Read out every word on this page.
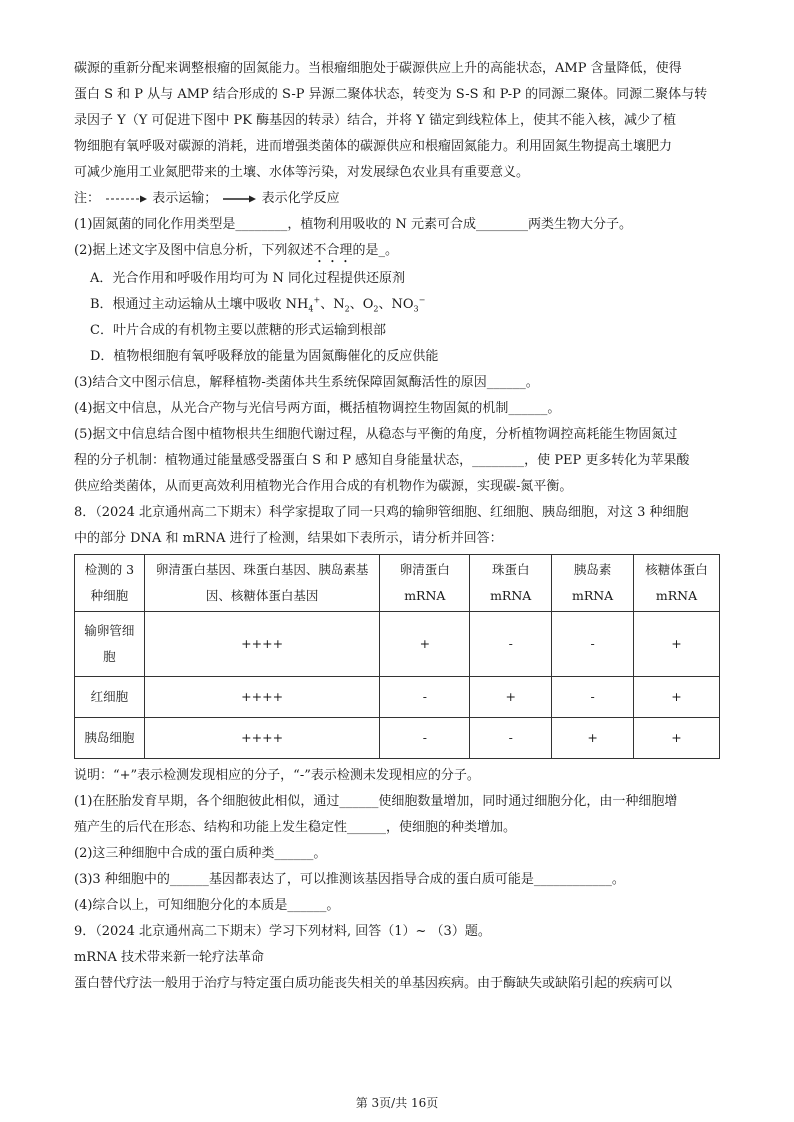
碳源的重新分配来调整根瘤的固氮能力。当根瘤细胞处于碳源供应上升的高能状态，AMP 含量降低，使得

蛋白 S 和 P 从与 AMP 结合形成的 S-P 异源二聚体状态，转变为 S-S 和 P-P 的同源二聚体。同源二聚体与转

录因子 Y（Y 可促进下图中 PK 酶基因的转录）结合，并将 Y 锚定到线粒体上，使其不能入核，减少了植

物细胞有氧呼吸对碳源的消耗，进而增强类菌体的碳源供应和根瘤固氮能力。利用固氮生物提高土壤肥力

可减少施用工业氮肥带来的土壤、水体等污染，对发展绿色农业具有重要意义。

注：	表示运输；	表示化学反应

(1)固氮菌的同化作用类型是________，植物利用吸收的 N 元素可合成________两类生物大分子。

(2)据上述文字及图中信息分析，下列叙述不合理的是_。

A．光合作用和呼吸作用均可为 N 同化过程提供还原剂

B．根通过主动运输从土壤中吸收 $NH_4^+$、$N_2$、$O_2$、$NO_3^-$

C．叶片合成的有机物主要以蔗糖的形式运输到根部

D．植物根细胞有氧呼吸释放的能量为固氮酶催化的反应供能

(3)结合文中图示信息，解释植物-类菌体共生系统保障固氮酶活性的原因______。

(4)据文中信息，从光合产物与光信号两方面，概括植物调控生物固氮的机制______。

(5)据文中信息结合图中植物根共生细胞代谢过程，从稳态与平衡的角度，分析植物调控高耗能生物固氮过

程的分子机制：植物通过能量感受器蛋白 S 和 P 感知自身能量状态，________，使 PEP 更多转化为苹果酸

供应给类菌体，从而更高效利用植物光合作用合成的有机物作为碳源，实现碳-氮平衡。

8．（2024 北京通州高二下期末）科学家提取了同一只鸡的输卵管细胞、红细胞、胰岛细胞，对这 3 种细胞

中的部分 DNA 和 mRNA 进行了检测，结果如下表所示，请分析并回答：

检测的 3 种细胞	卵清蛋白基因、珠蛋白基因、胰岛素基因、核糖体蛋白基因	卵清蛋白 mRNA	珠蛋白 mRNA	胰岛素 mRNA	核糖体蛋白 mRNA
输卵管细胞	++++	+	-	-	+
红细胞	++++	-	+	-	+
胰岛细胞	++++	-	-	+	+

说明：“+”表示检测发现相应的分子，“-”表示检测未发现相应的分子。

(1)在胚胎发育早期，各个细胞彼此相似，通过______使细胞数量增加，同时通过细胞分化，由一种细胞增

殖产生的后代在形态、结构和功能上发生稳定性______，使细胞的种类增加。

(2)这三种细胞中合成的蛋白质种类______。

(3)3 种细胞中的______基因都表达了，可以推测该基因指导合成的蛋白质可能是____________。

(4)综合以上，可知细胞分化的本质是______。

9．（2024 北京通州高二下期末）学习下列材料, 回答（1）~ （3）题。

mRNA 技术带来新一轮疗法革命

蛋白替代疗法一般用于治疗与特定蛋白质功能丧失相关的单基因疾病。由于酶缺失或缺陷引起的疾病可以

第 3页/共 16页
